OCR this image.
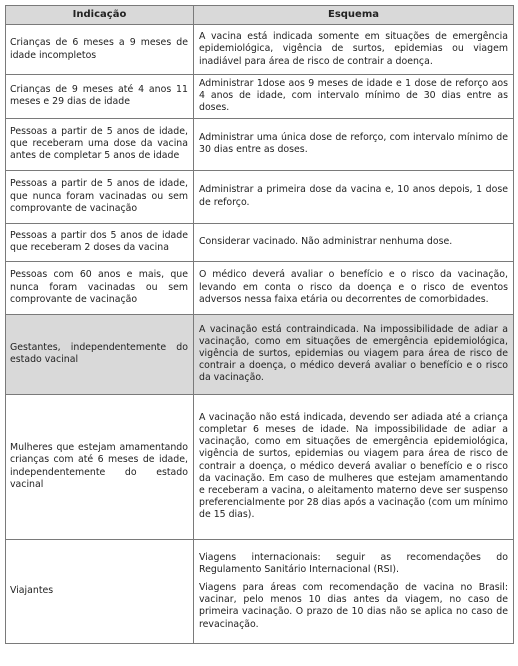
Indicação	Esquema

Crianças de 6 meses a 9 meses de idade incompletos	A vacina está indicada somente em situações de emergência epidemiológica, vigência de surtos, epidemias ou viagem inadiável para área de risco de contrair a doença.

Crianças de 9 meses até 4 anos 11 meses e 29 dias de idade	Administrar 1dose aos 9 meses de idade e 1 dose de reforço aos 4 anos de idade, com intervalo mínimo de 30 dias entre as doses.

Pessoas a partir de 5 anos de idade, que receberam uma dose da vacina antes de completar 5 anos de idade	Administrar uma única dose de reforço, com intervalo mínimo de 30 dias entre as doses.

Pessoas a partir de 5 anos de idade, que nunca foram vacinadas ou sem comprovante de vacinação	Administrar a primeira dose da vacina e, 10 anos depois, 1 dose de reforço.

Pessoas a partir dos 5 anos de idade que receberam 2 doses da vacina	Considerar vacinado. Não administrar nenhuma dose.

Pessoas com 60 anos e mais, que nunca foram vacinadas ou sem comprovante de vacinação	O médico deverá avaliar o benefício e o risco da vacinação, levando em conta o risco da doença e o risco de eventos adversos nessa faixa etária ou decorrentes de comorbidades.

Gestantes, independentemente do estado vacinal	A vacinação está contraindicada. Na impossibilidade de adiar a vacinação, como em situações de emergência epidemiológica, vigência de surtos, epidemias ou viagem para área de risco de contrair a doença, o médico deverá avaliar o benefício e o risco da vacinação.

Mulheres que estejam amamentando crianças com até 6 meses de idade, independentemente do estado vacinal	A vacinação não está indicada, devendo ser adiada até a criança completar 6 meses de idade. Na impossibilidade de adiar a vacinação, como em situações de emergência epidemiológica, vigência de surtos, epidemias ou viagem para área de risco de contrair a doença, o médico deverá avaliar o benefício e o risco da vacinação. Em caso de mulheres que estejam amamentando e receberam a vacina, o aleitamento materno deve ser suspenso preferencialmente por 28 dias após a vacinação (com um mínimo de 15 dias).

Viajantes	Viagens internacionais: seguir as recomendações do Regulamento Sanitário Internacional (RSI).

Viagens para áreas com recomendação de vacina no Brasil: vacinar, pelo menos 10 dias antes da viagem, no caso de primeira vacinação. O prazo de 10 dias não se aplica no caso de revacinação.
